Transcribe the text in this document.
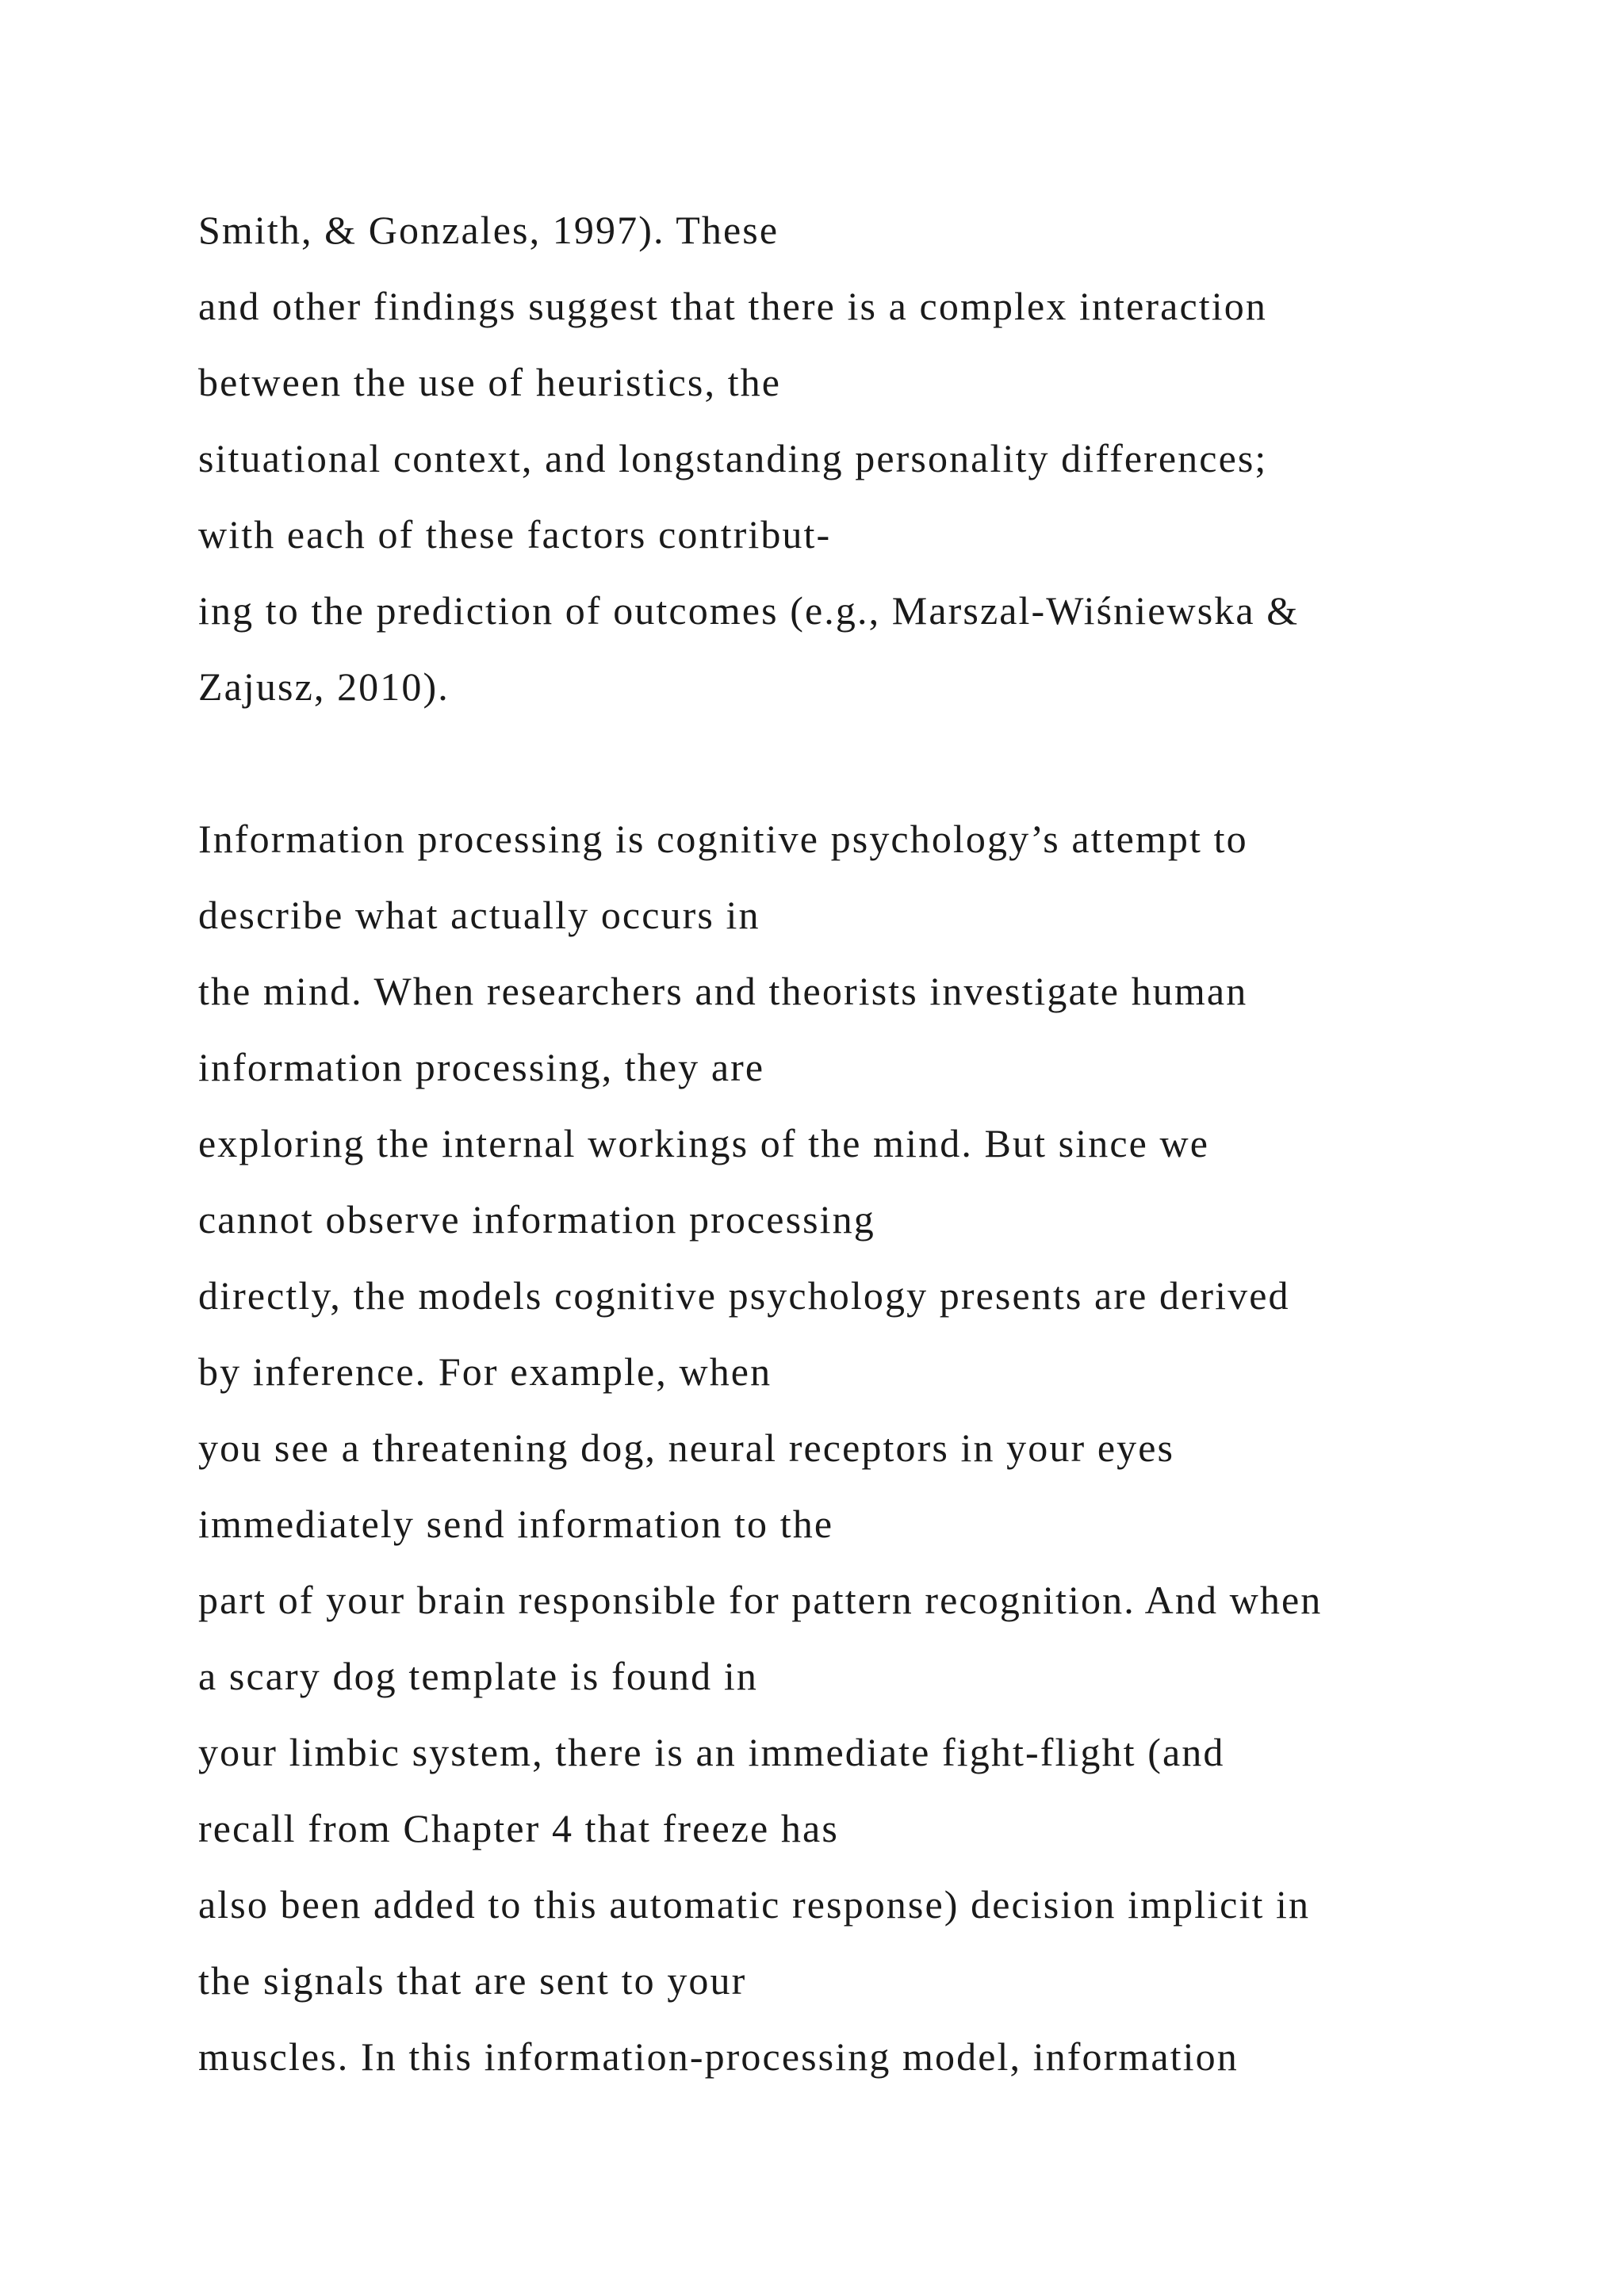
Smith, & Gonzales, 1997). These
and other findings suggest that there is a complex interaction
between the use of heuristics, the
situational context, and longstanding personality differences;
with each of these factors contribut-
ing to the prediction of outcomes (e.g., Marszal-Wiśniewska &
Zajusz, 2010).
Information processing is cognitive psychology’s attempt to
describe what actually occurs in
the mind. When researchers and theorists investigate human
information processing, they are
exploring the internal workings of the mind. But since we
cannot observe information processing
directly, the models cognitive psychology presents are derived
by inference. For example, when
you see a threatening dog, neural receptors in your eyes
immediately send information to the
part of your brain responsible for pattern recognition. And when
a scary dog template is found in
your limbic system, there is an immediate fight-flight (and
recall from Chapter 4 that freeze has
also been added to this automatic response) decision implicit in
the signals that are sent to your
muscles. In this information-processing model, information
